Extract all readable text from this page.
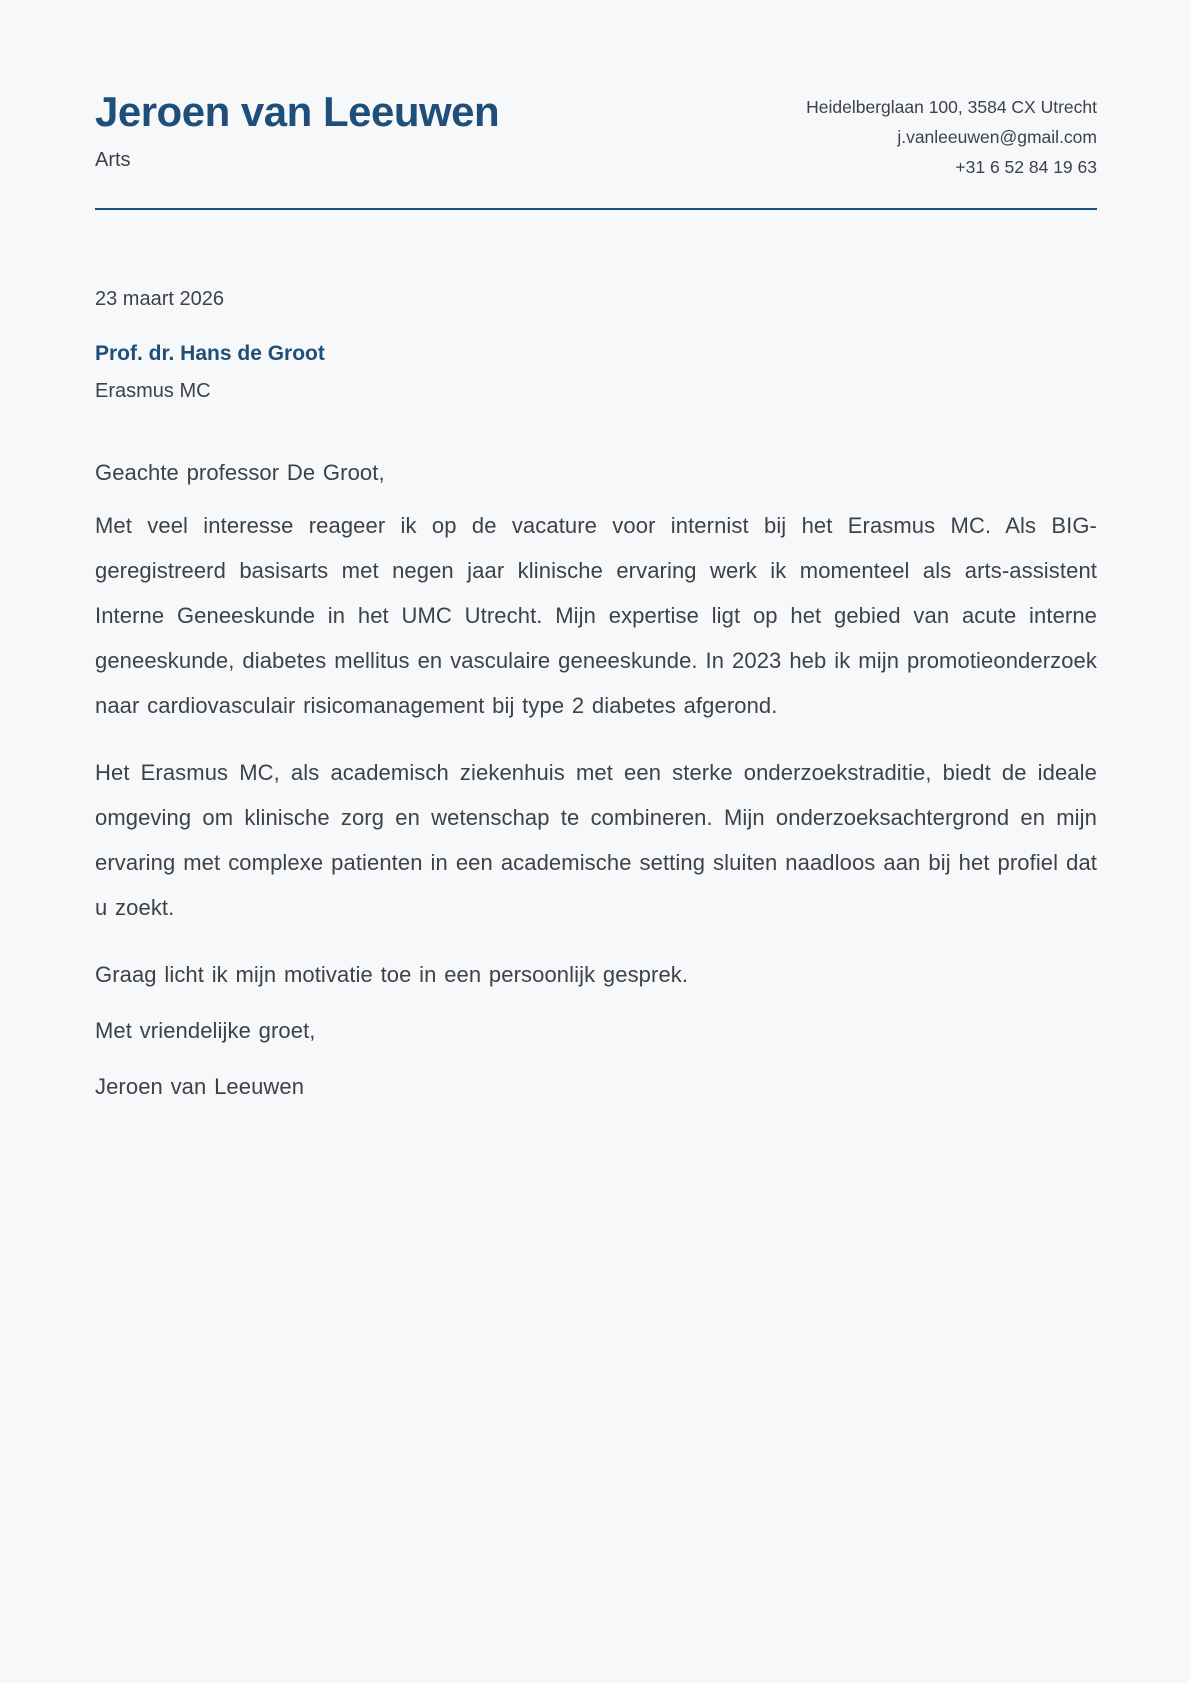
Jeroen van Leeuwen
Arts
Heidelberglaan 100, 3584 CX Utrecht
j.vanleeuwen@gmail.com
+31 6 52 84 19 63
23 maart 2026
Prof. dr. Hans de Groot
Erasmus MC
Geachte professor De Groot,

Met veel interesse reageer ik op de vacature voor internist bij het Erasmus MC. Als BIG-geregistreerd basisarts met negen jaar klinische ervaring werk ik momenteel als arts-assistent Interne Geneeskunde in het UMC Utrecht. Mijn expertise ligt op het gebied van acute interne geneeskunde, diabetes mellitus en vasculaire geneeskunde. In 2023 heb ik mijn promotieonderzoek naar cardiovasculair risicomanagement bij type 2 diabetes afgerond.

Het Erasmus MC, als academisch ziekenhuis met een sterke onderzoekstraditie, biedt de ideale omgeving om klinische zorg en wetenschap te combineren. Mijn onderzoeksachtergrond en mijn ervaring met complexe patienten in een academische setting sluiten naadloos aan bij het profiel dat u zoekt.

Graag licht ik mijn motivatie toe in een persoonlijk gesprek.
Met vriendelijke groet,
Jeroen van Leeuwen
